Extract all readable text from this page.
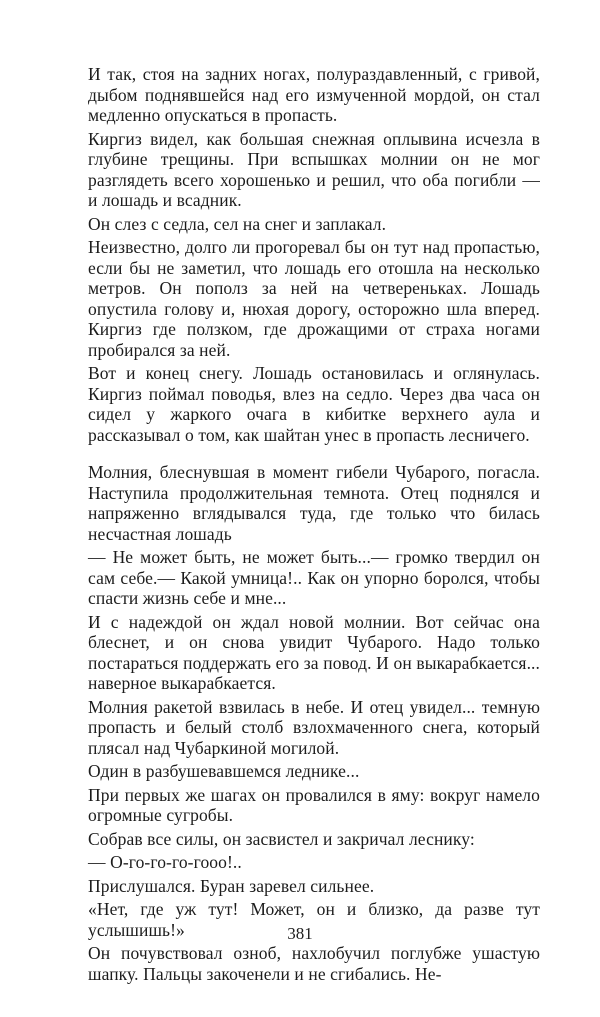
И так, стоя на задних ногах, полураздавленный, с гривой, дыбом поднявшейся над его измученной мордой, он стал медленно опускаться в пропасть.

Киргиз видел, как большая снежная оплывина исчезла в глубине трещины. При вспышках молнии он не мог разглядеть всего хорошенько и решил, что оба погибли — и лошадь и всадник.

Он слез с седла, сел на снег и заплакал.

Неизвестно, долго ли прогоревал бы он тут над пропастью, если бы не заметил, что лошадь его отошла на несколько метров. Он пополз за ней на четвереньках. Лошадь опустила голову и, нюхая дорогу, осторожно шла вперед. Киргиз где ползком, где дрожащими от страха ногами пробирался за ней.

Вот и конец снегу. Лошадь остановилась и оглянулась. Киргиз поймал поводья, влез на седло. Через два часа он сидел у жаркого очага в кибитке верхнего аула и рассказывал о том, как шайтан унес в пропасть лесничего.

Молния, блеснувшая в момент гибели Чубарого, погасла. Наступила продолжительная темнота. Отец поднялся и напряженно вглядывался туда, где только что билась несчастная лошадь

— Не может быть, не может быть...— громко твердил он сам себе.— Какой умница!.. Как он упорно боролся, чтобы спасти жизнь себе и мне...

И с надеждой он ждал новой молнии. Вот сейчас она блеснет, и он снова увидит Чубарого. Надо только постараться поддержать его за повод. И он выкарабкается... наверное выкарабкается.

Молния ракетой взвилась в небе. И отец увидел... темную пропасть и белый столб взлохмаченного снега, который плясал над Чубаркиной могилой.

Один в разбушевавшемся леднике...

При первых же шагах он провалился в яму: вокруг намело огромные сугробы.

Собрав все силы, он засвистел и закричал леснику:

— О-го-го-го-гооо!..

Прислушался. Буран заревел сильнее.

«Нет, где уж тут! Может, он и близко, да разве тут услышишь!»

Он почувствовал озноб, нахлобучил поглубже ушастую шапку. Пальцы закоченели и не сгибались. Не-

381
